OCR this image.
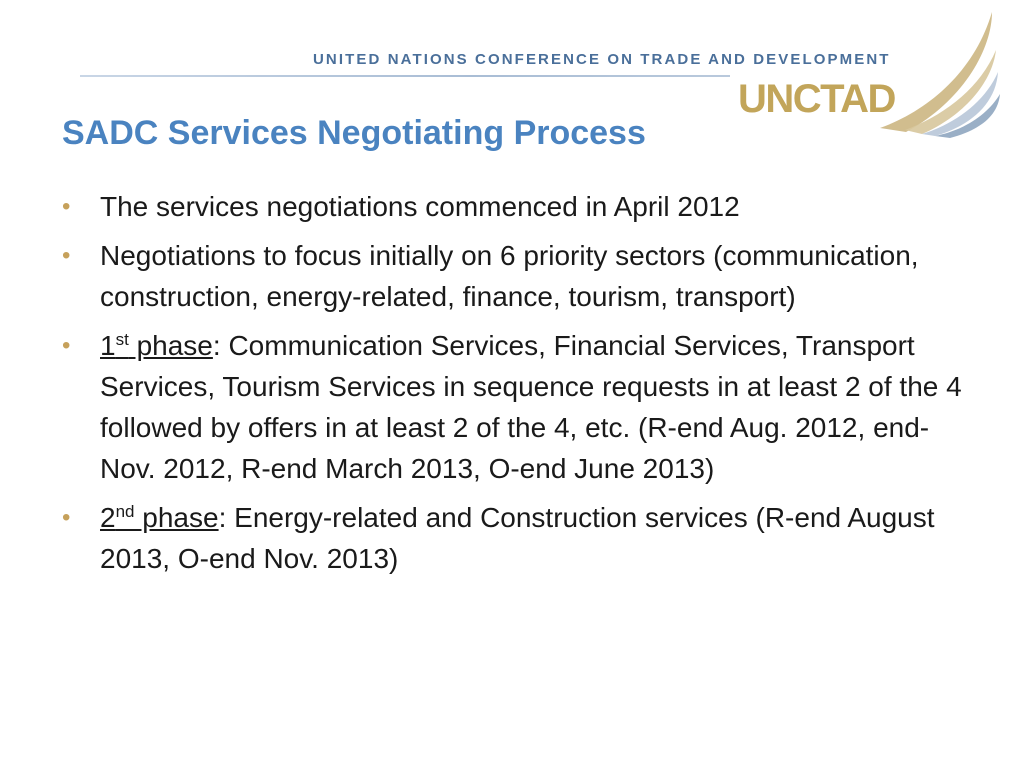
UNITED NATIONS CONFERENCE ON TRADE AND DEVELOPMENT
UNCTAD
SADC Services Negotiating Process
• The services negotiations commenced in April 2012
• Negotiations to focus initially on 6 priority sectors (communication, construction, energy-related, finance, tourism, transport)
• 1st phase: Communication Services, Financial Services, Transport Services, Tourism Services in sequence requests in at least 2 of the 4 followed by offers in at least 2 of the 4, etc. (R-end Aug. 2012, end-Nov. 2012, R-end March 2013, O-end June 2013)
• 2nd phase: Energy-related and Construction services (R-end August 2013, O-end Nov. 2013)
